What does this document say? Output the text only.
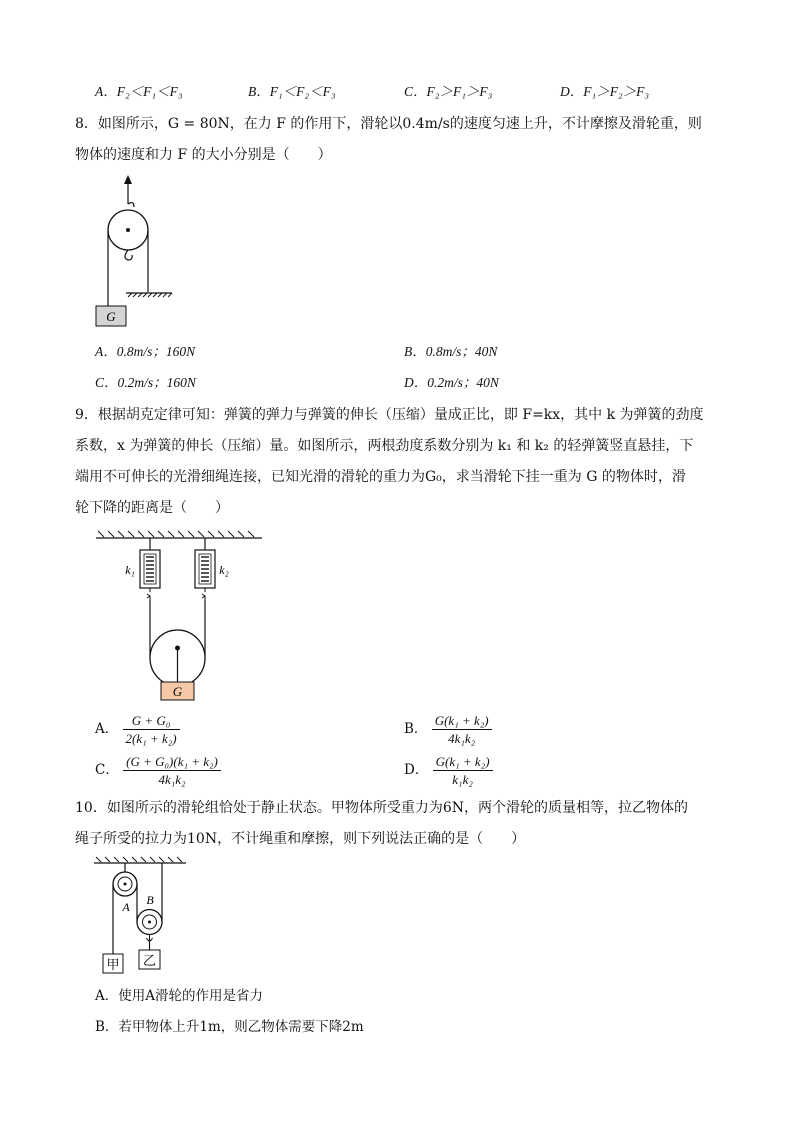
A．F₂＜F₁＜F₃	B．F₁＜F₂＜F₃	C．F₂＞F₁＞F₃	D．F₁＞F₂＞F₃
8．如图所示，G = 80N，在力 F 的作用下，滑轮以0.4m/s的速度匀速上升，不计摩擦及滑轮重，则
物体的速度和力 F 的大小分别是（　　）
G
A．0.8m/s；160N	B．0.8m/s；40N
C．0.2m/s；160N	D．0.2m/s；40N
9．根据胡克定律可知：弹簧的弹力与弹簧的伸长（压缩）量成正比，即 F=kx，其中 k 为弹簧的劲度
系数，x 为弹簧的伸长（压缩）量。如图所示，两根劲度系数分别为 k₁ 和 k₂ 的轻弹簧竖直悬挂，下
端用不可伸长的光滑细绳连接，已知光滑的滑轮的重力为G₀，求当滑轮下挂一重为 G 的物体时，滑
轮下降的距离是（　　）
k₁	k₂
G
A． $\frac{\text{G + G₀}}{\text{2(k₁ + k₂)}}$	B． $\frac{\text{G(k₁ + k₂)}}{\text{4k₁k₂}}$
C． $\frac{\text{(G + G₀)(k₁ + k₂)}}{\text{4k₁k₂}}$	D． $\frac{\text{G(k₁ + k₂)}}{\text{k₁k₂}}$
10．如图所示的滑轮组恰处于静止状态。甲物体所受重力为6N，两个滑轮的质量相等，拉乙物体的
绳子所受的拉力为10N，不计绳重和摩擦，则下列说法正确的是（　　）
A B
甲 乙
A．使用A滑轮的作用是省力
B．若甲物体上升1m，则乙物体需要下降2m
